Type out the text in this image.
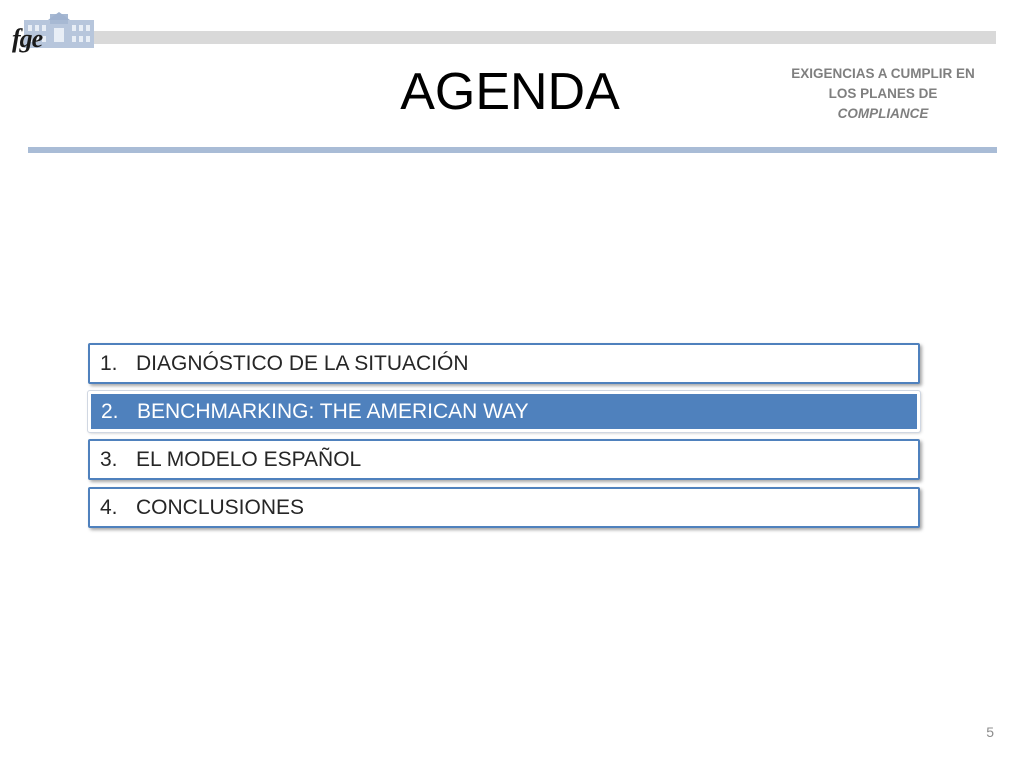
fge
AGENDA	EXIGENCIAS A CUMPLIR EN
LOS PLANES DE
COMPLIANCE
1. DIAGNÓSTICO DE LA SITUACIÓN
2. BENCHMARKING: THE AMERICAN WAY
3. EL MODELO ESPAÑOL
4. CONCLUSIONES
5
